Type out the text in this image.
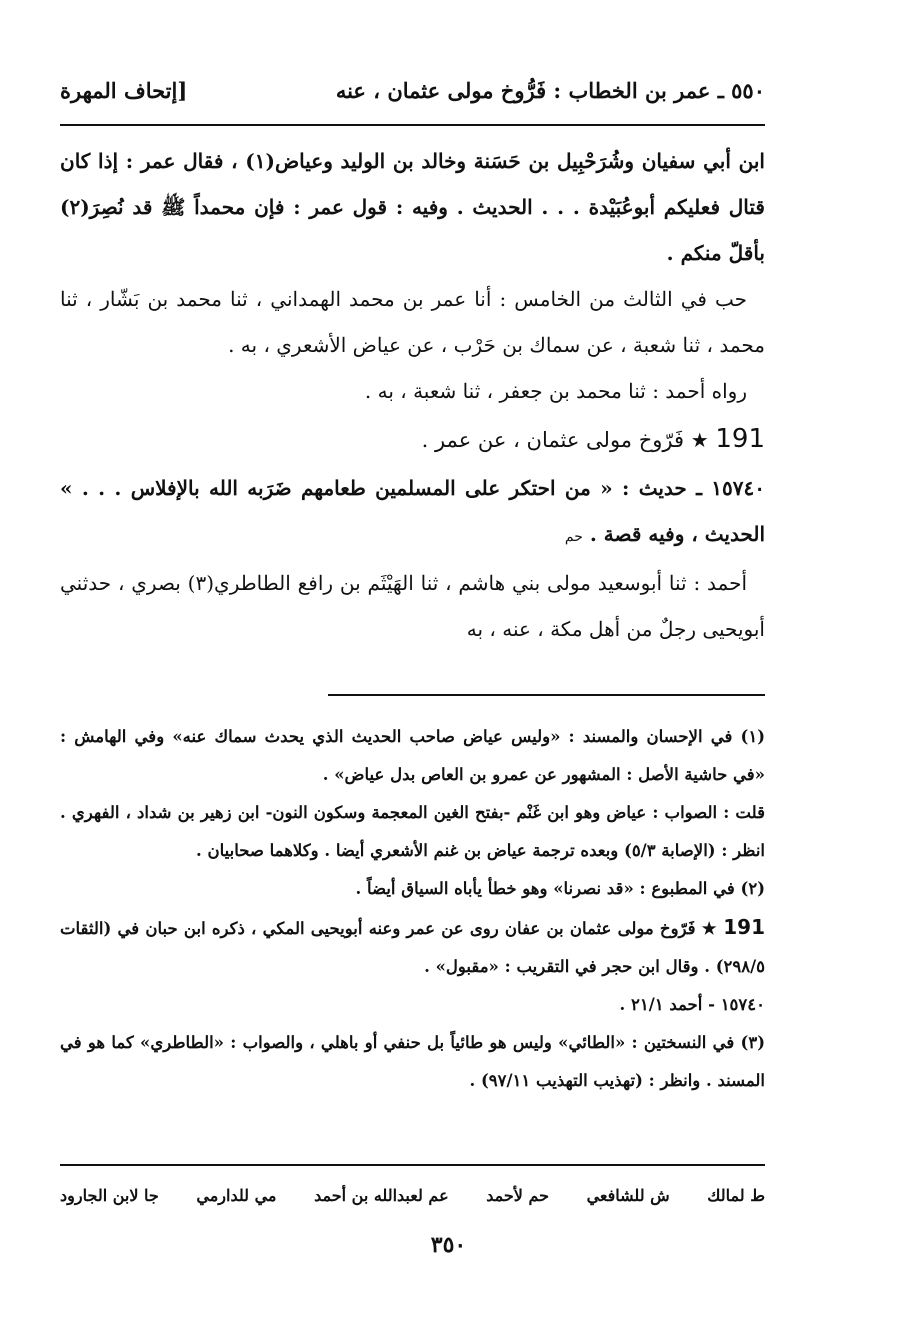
٥٥٠ ـ عمر بن الخطاب : فَرُّوخ مولى عثمان ، عنه
[إتحاف المهرة

ابن أبي سفيان وشُرَحْبِيل بن حَسَنة وخالد بن الوليد وعياض(١) ، فقال عمر : إذا كان قتال فعليكم أبوعُبَيْدة . . . الحديث . وفيه : قول عمر : فإن محمداً ﷺ قد نُصِرَ(٢) بأقلّ منكم .

حب في الثالث من الخامس : أنا عمر بن محمد الهمداني ، ثنا محمد بن بَشّار ، ثنا محمد ، ثنا شعبة ، عن سماك بن حَرْب ، عن عياض الأشعري ، به .

رواه أحمد : ثنا محمد بن جعفر ، ثنا شعبة ، به .

191 ★ فَرّوخ مولى عثمان ، عن عمر .

١٥٧٤٠ ـ حديث : « من احتكر على المسلمين طعامهم ضَرَبه الله بالإفلاس . . . » الحديث ، وفيه قصة . حم

أحمد : ثنا أبوسعيد مولى بني هاشم ، ثنا الهَيْثَم بن رافع الطاطري(٣) بصري ، حدثني أبويحيى رجلٌ من أهل مكة ، عنه ، به

(١) في الإحسان والمسند : «وليس عياض صاحب الحديث الذي يحدث سماك عنه» وفي الهامش : «في حاشية الأصل : المشهور عن عمرو بن العاص بدل عياض» .

قلت : الصواب : عياض وهو ابن غَنْم -بفتح الغين المعجمة وسكون النون- ابن زهير بن شداد ، الفهري . انظر : (الإصابة ٥/٣) وبعده ترجمة عياض بن غنم الأشعري أيضا . وكلاهما صحابيان .

(٢) في المطبوع : «قد نصرنا» وهو خطأ يأباه السياق أيضاً .

191 ★ فَرّوخ مولى عثمان بن عفان روى عن عمر وعنه أبويحيى المكي ، ذكره ابن حبان في (الثقات ٢٩٨/٥) . وقال ابن حجر في التقريب : «مقبول» .

١٥٧٤٠ - أحمد ٢١/١ .

(٣) في النسختين : «الطائي» وليس هو طائياً بل حنفي أو باهلي ، والصواب : «الطاطري» كما هو في المسند . وانظر : (تهذيب التهذيب ٩٧/١١) .

ط لمالك
ش للشافعي
حم لأحمد
عم لعبدالله بن أحمد
مي للدارمي
جا لابن الجارود
٣٥٠
